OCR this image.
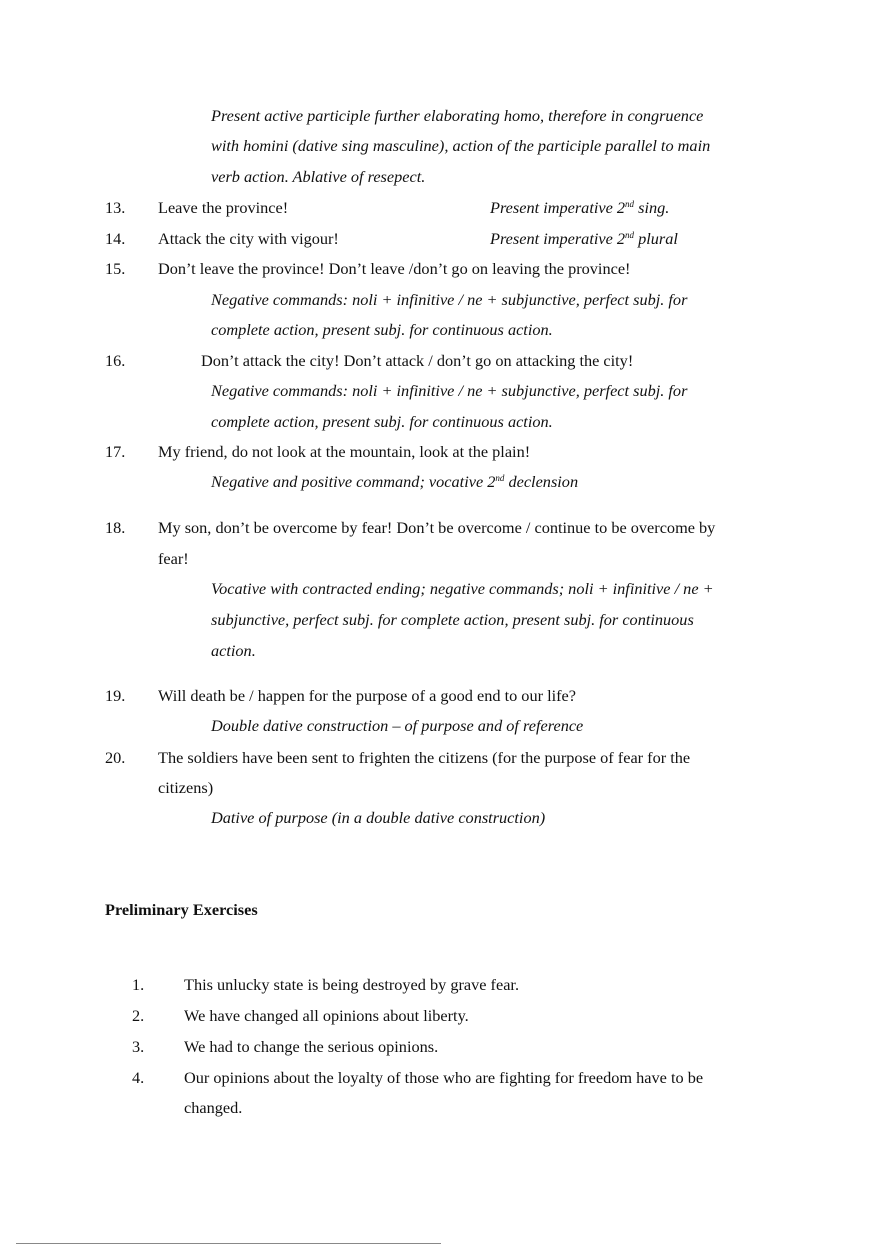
Present active participle further elaborating homo, therefore in congruence
with homini (dative sing masculine), action of the participle parallel to main
verb action. Ablative of resepect.
13. Leave the province!	Present imperative 2nd sing.
14. Attack the city with vigour!	Present imperative 2nd plural
15. Don’t leave the province! Don’t leave /don’t go on leaving the province!
Negative commands: noli + infinitive / ne + subjunctive, perfect subj. for
complete action, present subj. for continuous action.
16.	Don’t attack the city! Don’t attack / don’t go on attacking the city!
Negative commands: noli + infinitive / ne + subjunctive, perfect subj. for
complete action, present subj. for continuous action.
17. My friend, do not look at the mountain, look at the plain!
Negative and positive command; vocative 2nd declension
18. My son, don’t be overcome by fear! Don’t be overcome / continue to be overcome by
fear!
Vocative with contracted ending; negative commands; noli + infinitive / ne +
subjunctive, perfect subj. for complete action, present subj. for continuous
action.
19. Will death be / happen for the purpose of a good end to our life?
Double dative construction – of purpose and of reference
20. The soldiers have been sent to frighten the citizens (for the purpose of fear for the
citizens)
Dative of purpose (in a double dative construction)
Preliminary Exercises
1. This unlucky state is being destroyed by grave fear.
2. We have changed all opinions about liberty.
3. We had to change the serious opinions.
4. Our opinions about the loyalty of those who are fighting for freedom have to be
changed.
